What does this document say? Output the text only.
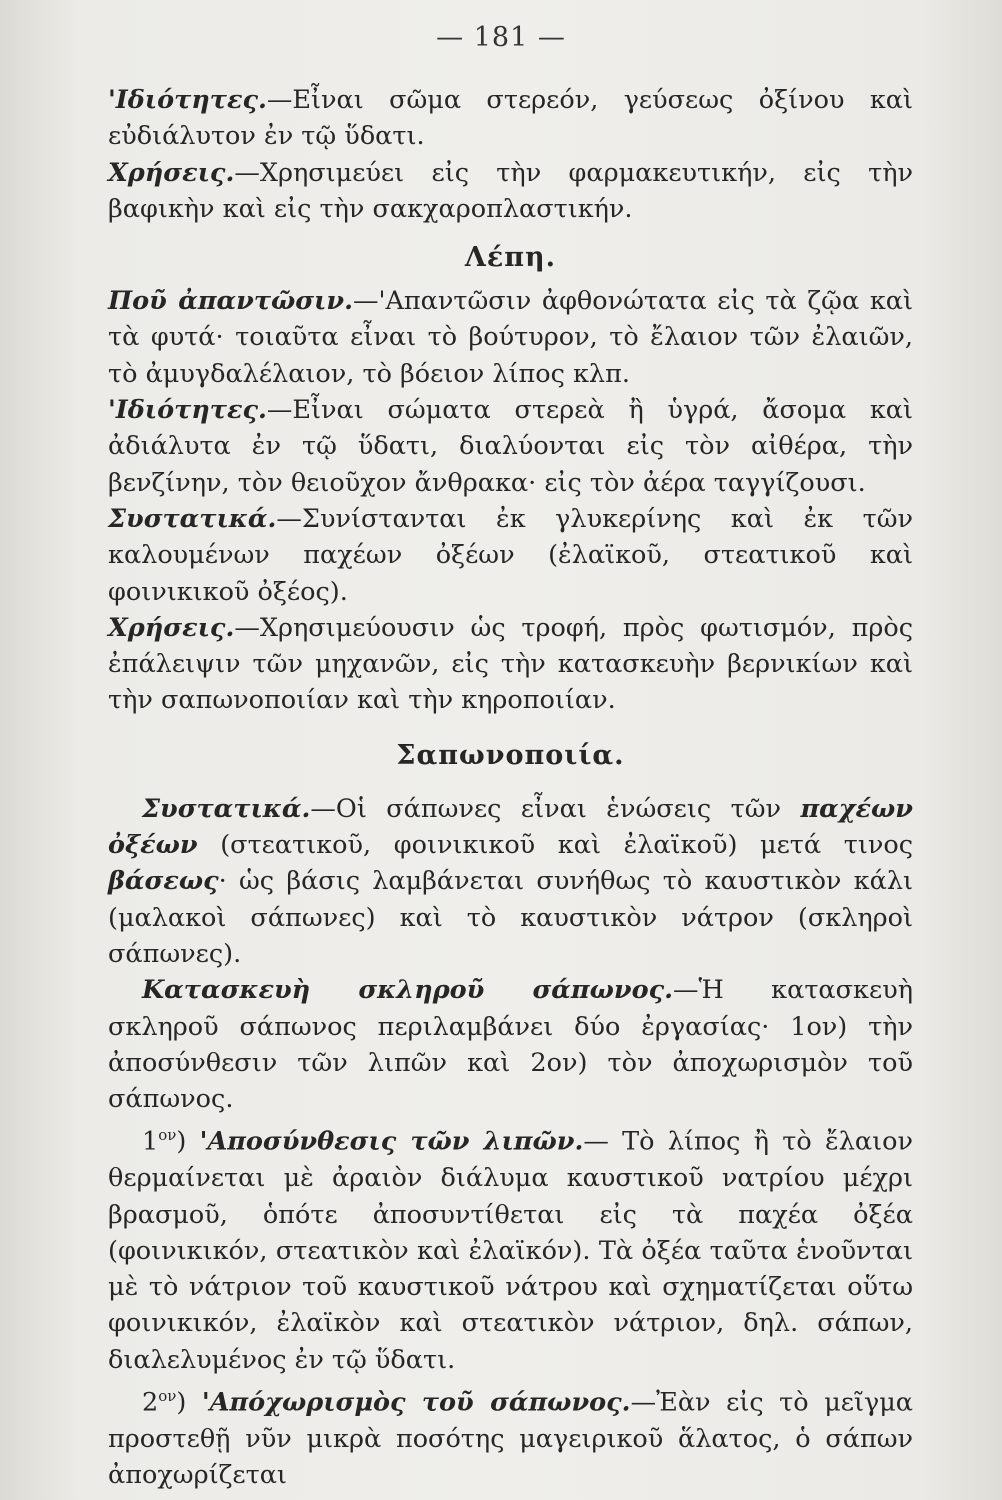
— 181 —

'Ιδιότητες.—Εἶναι σῶμα στερεόν, γεύσεως ὀξίνου καὶ εὐδιάλυτον ἐν τῷ ὕδατι.

Χρήσεις.—Χρησιμεύει εἰς τὴν φαρμακευτικήν, εἰς τὴν βαφικὴν καὶ εἰς τὴν σακχαροπλαστικήν.

Λέπη.

Ποῦ ἀπαντῶσιν.—'Απαντῶσιν ἀφθονώτατα εἰς τὰ ζῷα καὶ τὰ φυτά· τοιαῦτα εἶναι τὸ βούτυρον, τὸ ἔλαιον τῶν ἐλαιῶν, τὸ ἀμυγδαλέλαιον, τὸ βόειον λίπος κλπ.

'Ιδιότητες.—Εἶναι σώματα στερεὰ ἢ ὑγρά, ἄσομα καὶ ἀδιάλυτα ἐν τῷ ὕδατι, διαλύονται εἰς τὸν αἰθέρα, τὴν βενζίνην, τὸν θειοῦχον ἄνθρακα· εἰς τὸν ἀέρα ταγγίζουσι.

Συστατικά.—Συνίστανται ἐκ γλυκερίνης καὶ ἐκ τῶν καλουμένων παχέων ὀξέων (ἐλαϊκοῦ, στεατικοῦ καὶ φοινικικοῦ ὀξέος).

Χρήσεις.—Χρησιμεύουσιν ὡς τροφή, πρὸς φωτισμόν, πρὸς ἐπάλειψιν τῶν μηχανῶν, εἰς τὴν κατασκευὴν βερνικίων καὶ τὴν σαπωνοποιίαν καὶ τὴν κηροποιίαν.

Σαπωνοποιία.

Συστατικά.—Οἱ σάπωνες εἶναι ἑνώσεις τῶν παχέων ὀξέων (στεατικοῦ, φοινικικοῦ καὶ ἐλαϊκοῦ) μετά τινος βάσεως· ὡς βάσις λαμβάνεται συνήθως τὸ καυστικὸν κάλι (μαλακοὶ σάπωνες) καὶ τὸ καυστικὸν νάτρον (σκληροὶ σάπωνες).

Κατασκευὴ σκληροῦ σάπωνος.—Ἡ κατασκευὴ σκληροῦ σάπωνος περιλαμβάνει δύο ἐργασίας· 1ον) τὴν ἀποσύνθεσιν τῶν λιπῶν καὶ 2ον) τὸν ἀποχωρισμὸν τοῦ σάπωνος.

$1^{o\nu}$) 'Αποσύνθεσις τῶν λιπῶν.— Τὸ λίπος ἢ τὸ ἔλαιον θερμαίνεται μὲ ἀραιὸν διάλυμα καυστικοῦ νατρίου μέχρι βρασμοῦ, ὁπότε ἀποσυντίθεται εἰς τὰ παχέα ὀξέα (φοινικικόν, στεατικὸν καὶ ἐλαϊκόν). Τὰ ὀξέα ταῦτα ἑνοῦνται μὲ τὸ νάτριον τοῦ καυστικοῦ νάτρου καὶ σχηματίζεται οὕτω φοινικικόν, ἐλαϊκὸν καὶ στεατικὸν νάτριον, δηλ. σάπων, διαλελυμένος ἐν τῷ ὕδατι.

$2^{o\nu}$) 'Απόχωρισμὸς τοῦ σάπωνος.—Ἐὰν εἰς τὸ μεῖγμα προστεθῇ νῦν μικρὰ ποσότης μαγειρικοῦ ἅλατος, ὁ σάπων ἀποχωρίζεται
